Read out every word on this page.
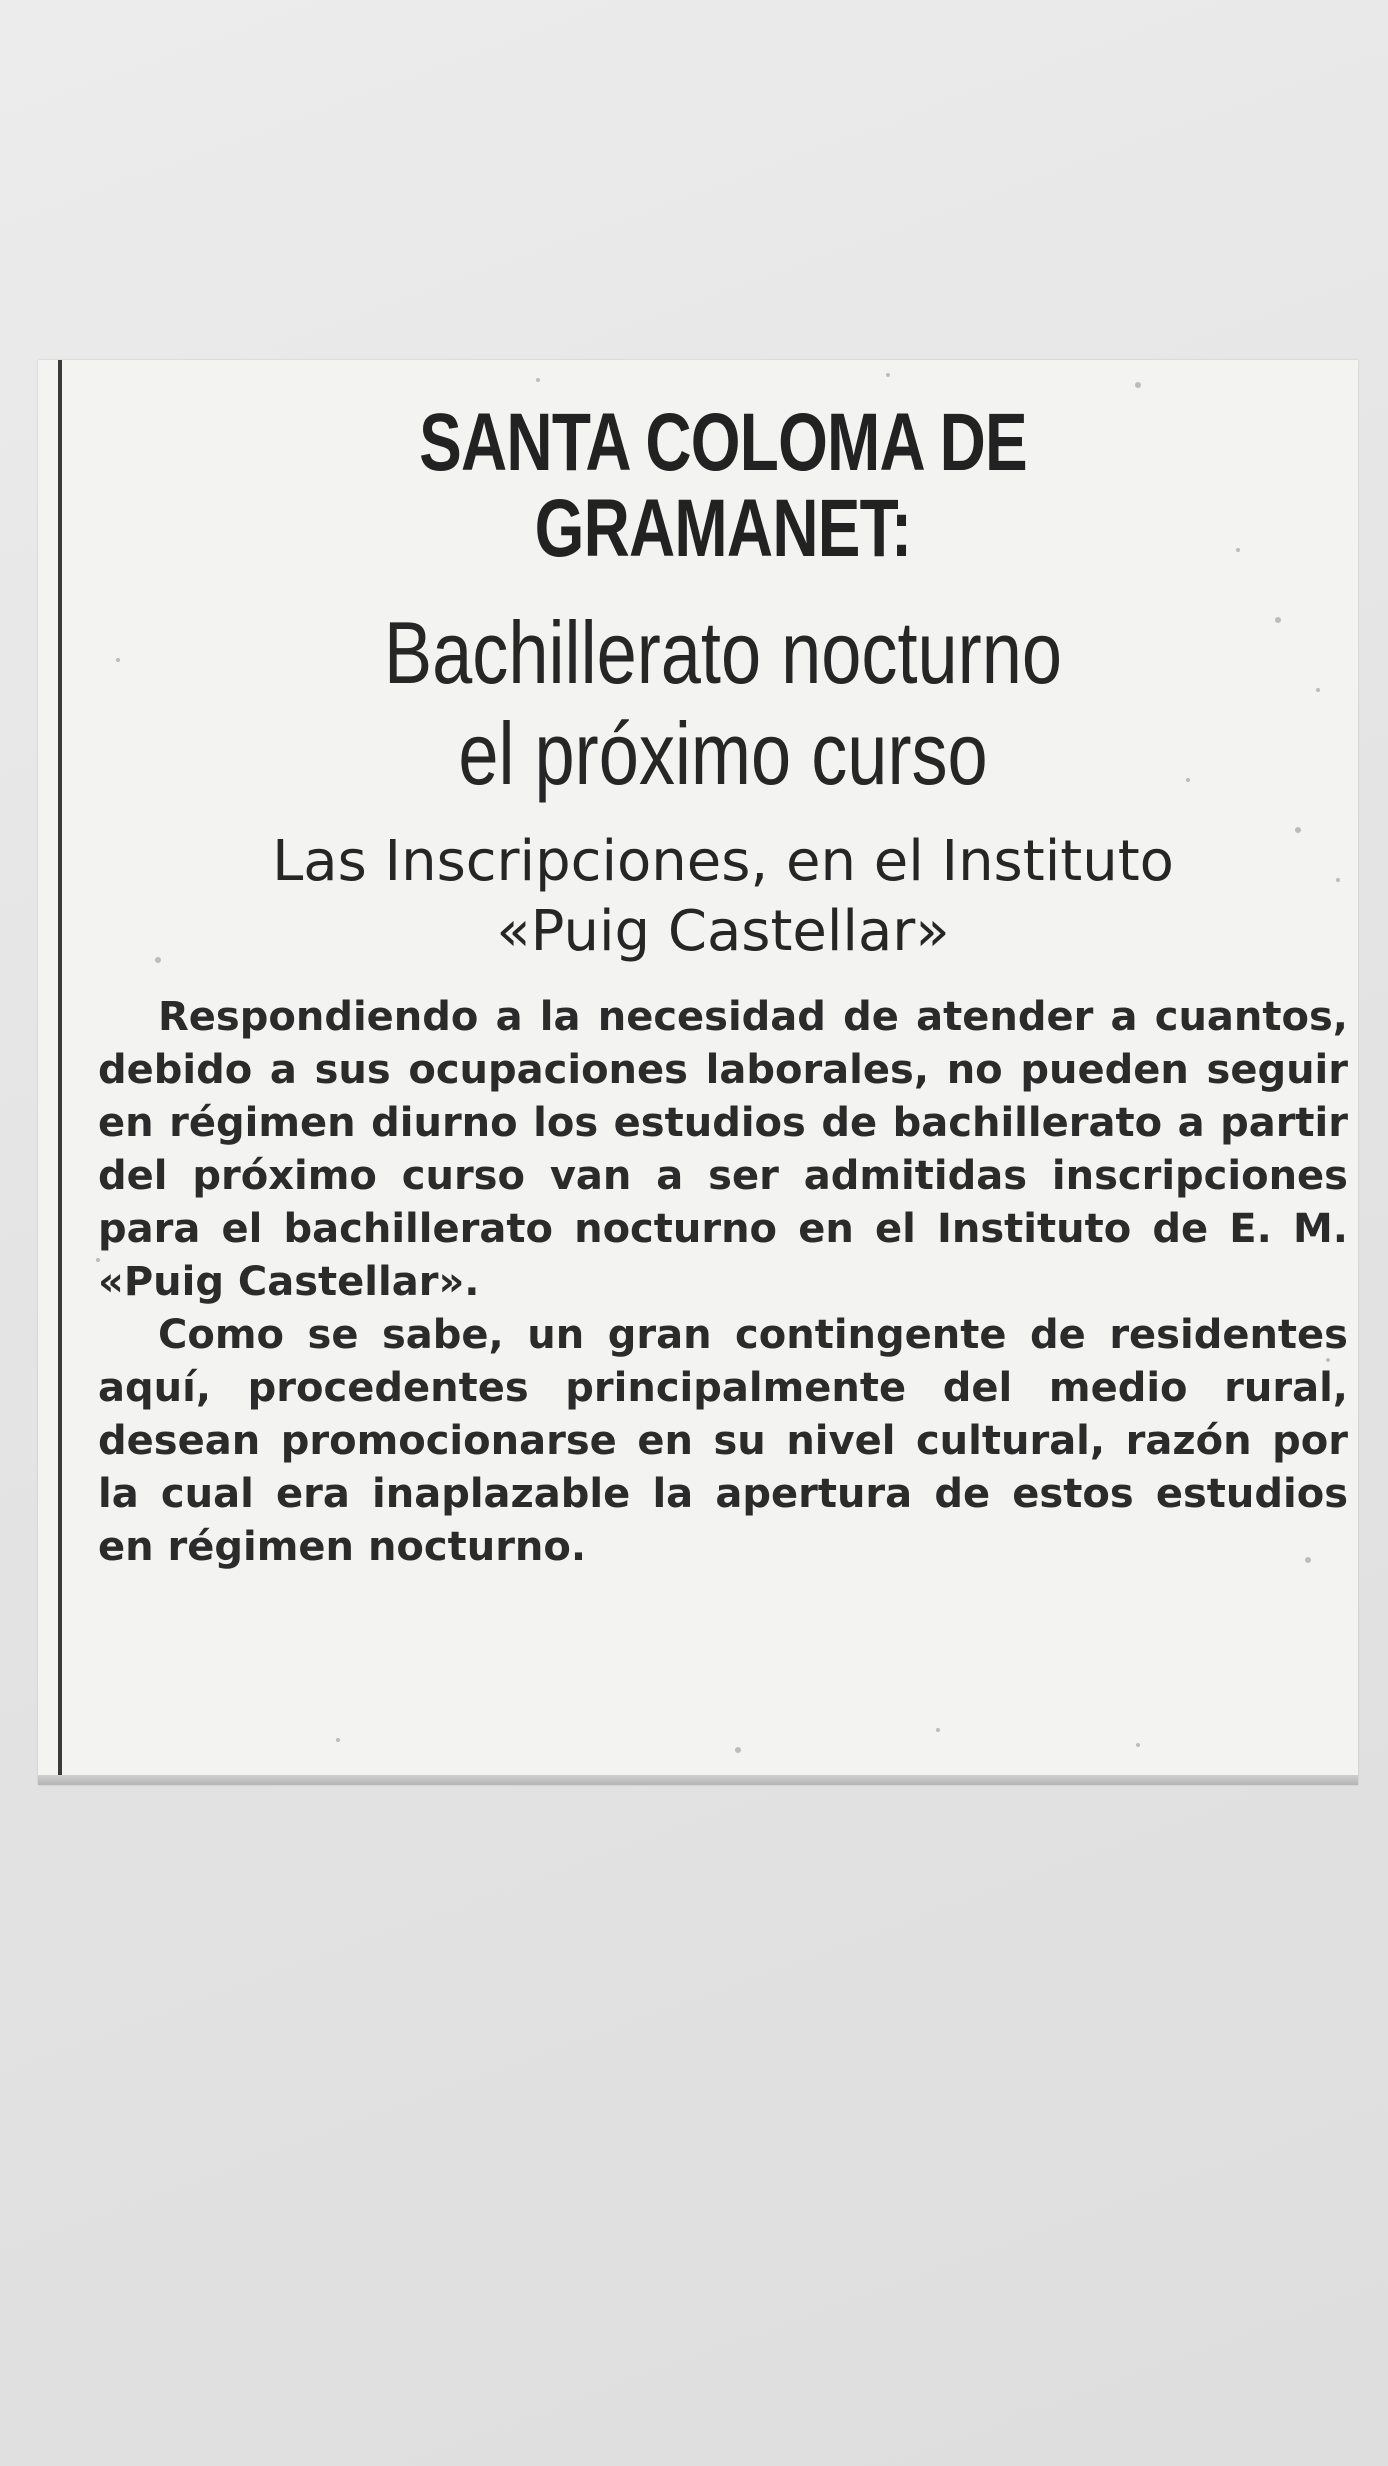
SANTA COLOMA DE GRAMANET:
Bachillerato nocturno
el próximo curso
Las Inscripciones, en el Instituto
«Puig Castellar»

Respondiendo a la necesidad de atender a cuantos, debido a sus ocupaciones laborales, no pueden seguir en régimen diurno los estudios de bachillerato a partir del próximo curso van a ser admitidas inscripciones para el bachillerato nocturno en el Instituto de E. M. «Puig Castellar».

Como se sabe, un gran contingente de residentes aquí, procedentes principalmente del medio rural, desean promocionarse en su nivel cultural, razón por la cual era inaplazable la apertura de estos estudios en régimen nocturno.
